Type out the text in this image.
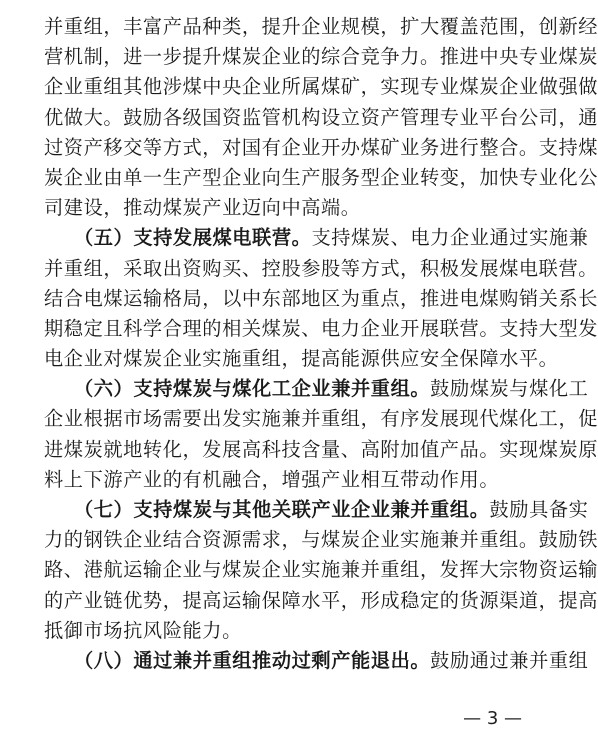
并重组，丰富产品种类，提升企业规模，扩大覆盖范围，创新经
营机制，进一步提升煤炭企业的综合竞争力。推进中央专业煤炭
企业重组其他涉煤中央企业所属煤矿，实现专业煤炭企业做强做
优做大。鼓励各级国资监管机构设立资产管理专业平台公司，通
过资产移交等方式，对国有企业开办煤矿业务进行整合。支持煤
炭企业由单一生产型企业向生产服务型企业转变，加快专业化公
司建设，推动煤炭产业迈向中高端。
　　（五）支持发展煤电联营。支持煤炭、电力企业通过实施兼
并重组，采取出资购买、控股参股等方式，积极发展煤电联营。
结合电煤运输格局，以中东部地区为重点，推进电煤购销关系长
期稳定且科学合理的相关煤炭、电力企业开展联营。支持大型发
电企业对煤炭企业实施重组，提高能源供应安全保障水平。
　　（六）支持煤炭与煤化工企业兼并重组。鼓励煤炭与煤化工
企业根据市场需要出发实施兼并重组，有序发展现代煤化工，促
进煤炭就地转化，发展高科技含量、高附加值产品。实现煤炭原
料上下游产业的有机融合，增强产业相互带动作用。
　　（七）支持煤炭与其他关联产业企业兼并重组。鼓励具备实
力的钢铁企业结合资源需求，与煤炭企业实施兼并重组。鼓励铁
路、港航运输企业与煤炭企业实施兼并重组，发挥大宗物资运输
的产业链优势，提高运输保障水平，形成稳定的货源渠道，提高
抵御市场抗风险能力。
　　（八）通过兼并重组推动过剩产能退出。鼓励通过兼并重组
— 3 —
